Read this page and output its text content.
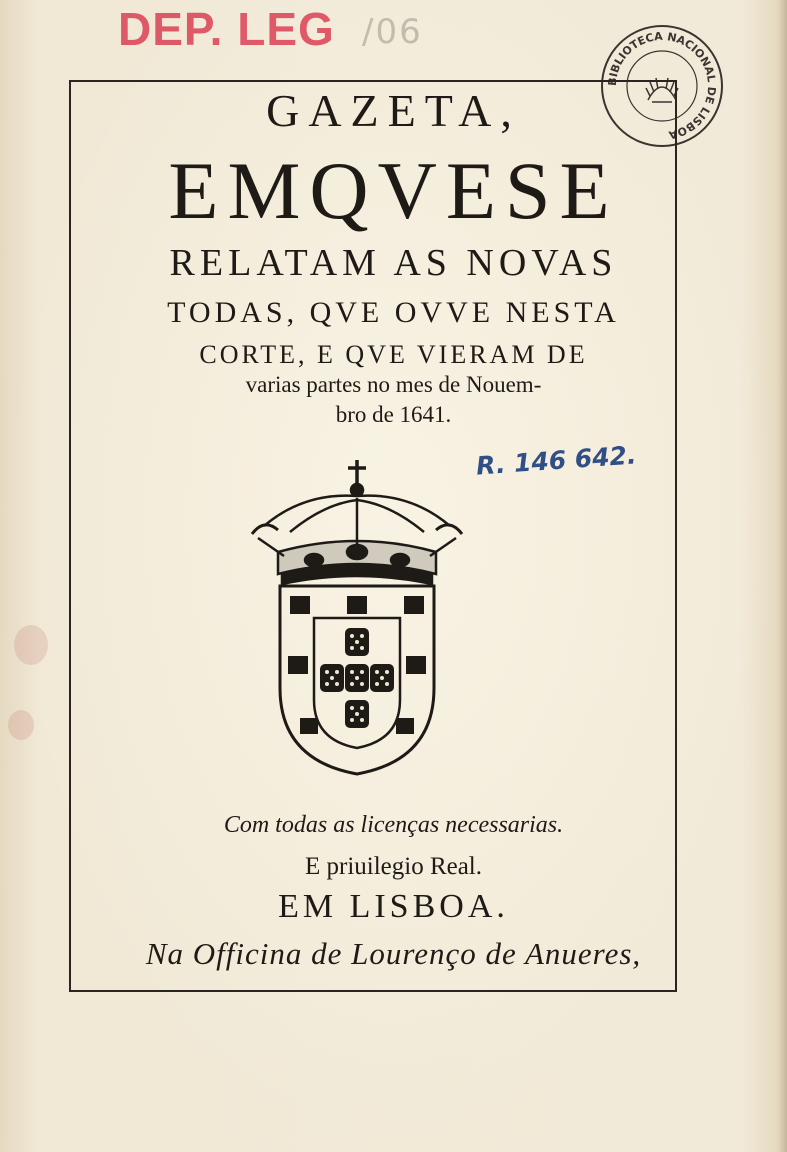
DEP. LEG /06

BIBLIOTECA NACIONAL DE LISBOA

GAZETA,

EMQVESE

RELATAM AS NOVAS

TODAS, QVE OVVE NESTA

CORTE, E QVE VIERAM DE

varias partes no mes de Nouem-

bro de 1641.

R. 146 642.

Com todas as licenças necessarias.

E priuilegio Real.

EM LISBOA.

Na Officina de Lourenço de Anueres,
